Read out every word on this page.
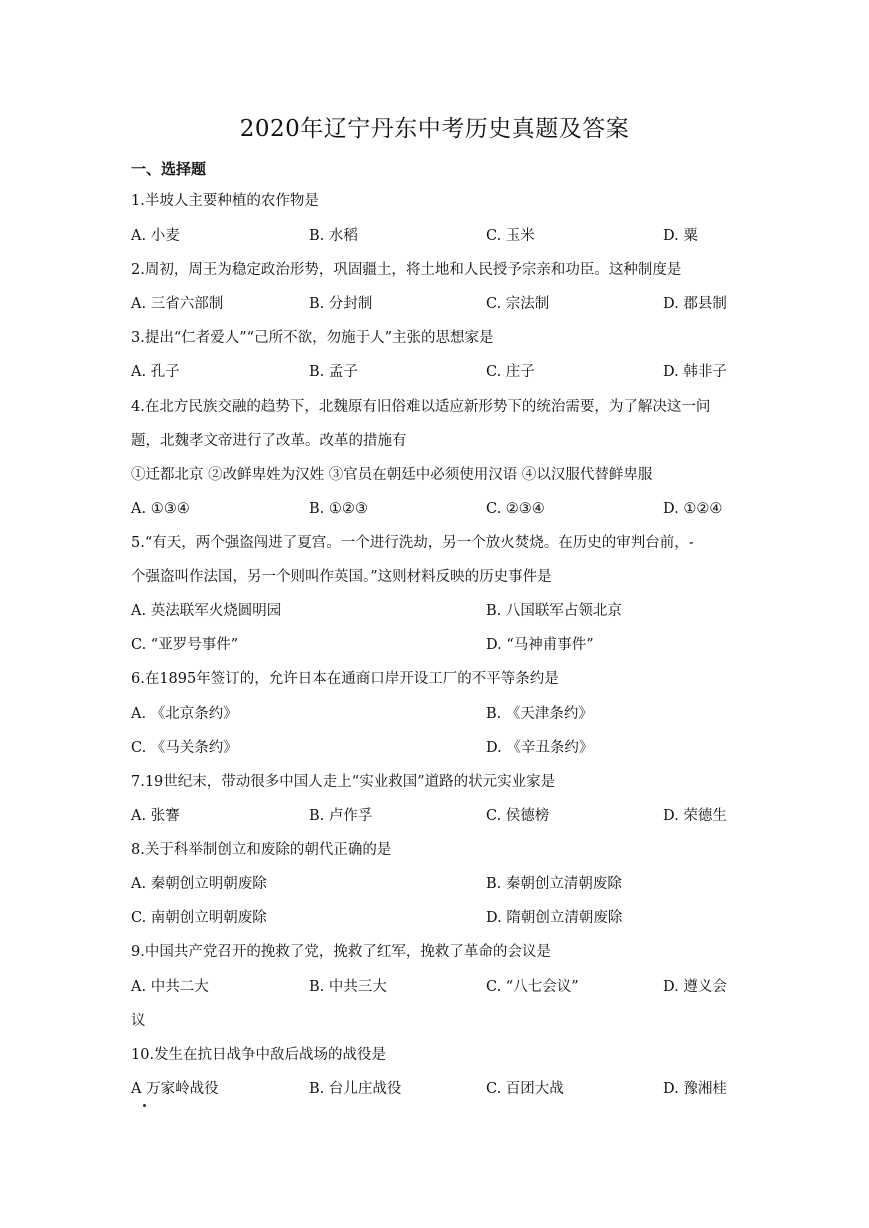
2020年辽宁丹东中考历史真题及答案
一、选择题
1.半坡人主要种植的农作物是
A. 小麦	B. 水稻	C. 玉米	D. 粟
2.周初，周王为稳定政治形势，巩固疆土，将土地和人民授予宗亲和功臣。这种制度是
A. 三省六部制	B. 分封制	C. 宗法制	D. 郡县制
3.提出“仁者爱人”“己所不欲，勿施于人”主张的思想家是
A. 孔子	B. 孟子	C. 庄子	D. 韩非子
4.在北方民族交融的趋势下，北魏原有旧俗难以适应新形势下的统治需要，为了解决这一问
题，北魏孝文帝进行了改革。改革的措施有
①迁都北京 ②改鲜卑姓为汉姓 ③官员在朝廷中必须使用汉语 ④以汉服代替鲜卑服
A. ①③④	B. ①②③	C. ②③④	D. ①②④
5.“有天，两个强盗闯进了夏宫。一个进行洗劫，另一个放火焚烧。在历史的审判台前，-
个强盗叫作法国，另一个则叫作英国。”这则材料反映的历史事件是
A. 英法联军火烧圆明园	B. 八国联军占领北京
C. “亚罗号事件”	D. “马神甫事件”
6.在1895年签订的，允许日本在通商口岸开设工厂的不平等条约是
A. 《北京条约》	B. 《天津条约》
C. 《马关条约》	D. 《辛丑条约》
7.19世纪末，带动很多中国人走上“实业救国”道路的状元实业家是
A. 张謇	B. 卢作孚	C. 侯德榜	D. 荣德生
8.关于科举制创立和废除的朝代正确的是
A. 秦朝创立明朝废除	B. 秦朝创立清朝废除
C. 南朝创立明朝废除	D. 隋朝创立清朝废除
9.中国共产党召开的挽救了党，挽救了红军，挽救了革命的会议是
A. 中共二大	B. 中共三大	C. “八七会议”	D. 遵义会
议
10.发生在抗日战争中敌后战场的战役是
A 万家岭战役	B. 台儿庄战役	C. 百团大战	D. 豫湘桂
